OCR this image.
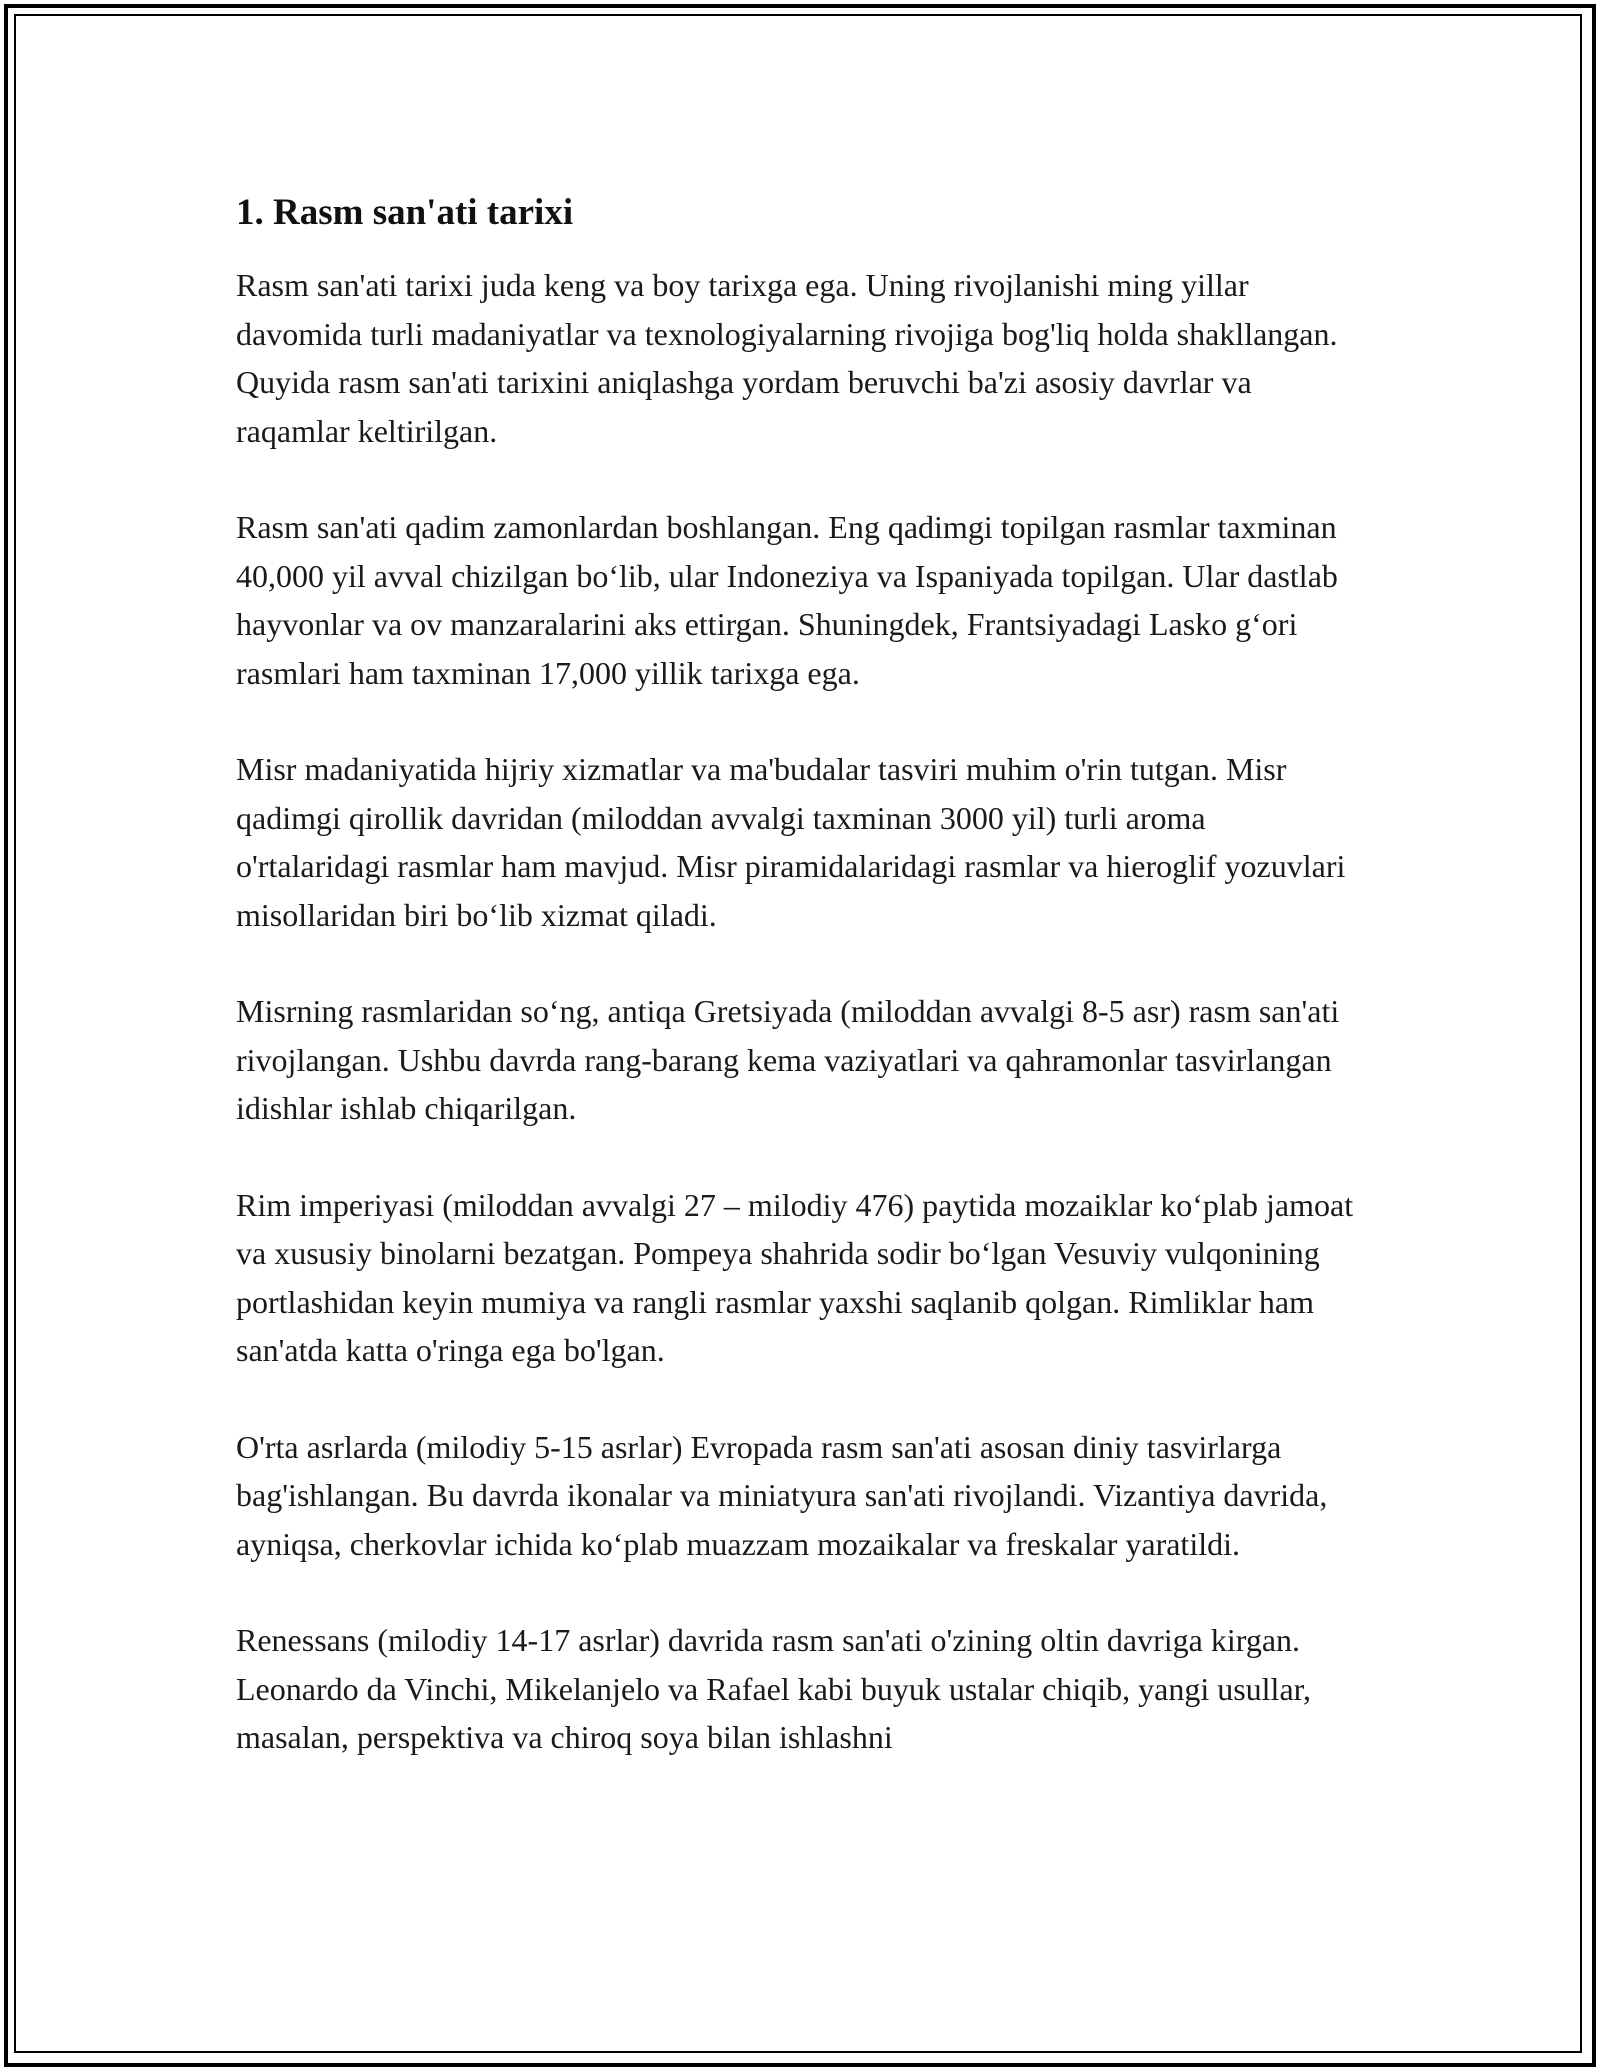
1. Rasm san'ati tarixi

Rasm san'ati tarixi juda keng va boy tarixga ega. Uning rivojlanishi ming yillar davomida turli madaniyatlar va texnologiyalarning rivojiga bog'liq holda shakllangan. Quyida rasm san'ati tarixini aniqlashga yordam beruvchi ba'zi asosiy davrlar va raqamlar keltirilgan.

Rasm san'ati qadim zamonlardan boshlangan. Eng qadimgi topilgan rasmlar taxminan 40,000 yil avval chizilgan bo‘lib, ular Indoneziya va Ispaniyada topilgan. Ular dastlab hayvonlar va ov manzaralarini aks ettirgan. Shuningdek, Frantsiyadagi Lasko g‘ori rasmlari ham taxminan 17,000 yillik tarixga ega.

Misr madaniyatida hijriy xizmatlar va ma'budalar tasviri muhim o'rin tutgan. Misr qadimgi qirollik davridan (miloddan avvalgi taxminan 3000 yil) turli aroma o'rtalaridagi rasmlar ham mavjud. Misr piramidalaridagi rasmlar va hieroglif yozuvlari misollaridan biri bo‘lib xizmat qiladi.

Misrning rasmlaridan so‘ng, antiqa Gretsiyada (miloddan avvalgi 8-5 asr) rasm san'ati rivojlangan. Ushbu davrda rang-barang kema vaziyatlari va qahramonlar tasvirlangan idishlar ishlab chiqarilgan.

Rim imperiyasi (miloddan avvalgi 27 – milodiy 476) paytida mozaiklar ko‘plab jamoat va xususiy binolarni bezatgan. Pompeya shahrida sodir bo‘lgan Vesuviy vulqonining portlashidan keyin mumiya va rangli rasmlar yaxshi saqlanib qolgan. Rimliklar ham san'atda katta o'ringa ega bo'lgan.

O'rta asrlarda (milodiy 5-15 asrlar) Evropada rasm san'ati asosan diniy tasvirlarga bag'ishlangan. Bu davrda ikonalar va miniatyura san'ati rivojlandi. Vizantiya davrida, ayniqsa, cherkovlar ichida ko‘plab muazzam mozaikalar va freskalar yaratildi.

Renessans (milodiy 14-17 asrlar) davrida rasm san'ati o'zining oltin davriga kirgan. Leonardo da Vinchi, Mikelanjelo va Rafael kabi buyuk ustalar chiqib, yangi usullar, masalan, perspektiva va chiroq soya bilan ishlashni
